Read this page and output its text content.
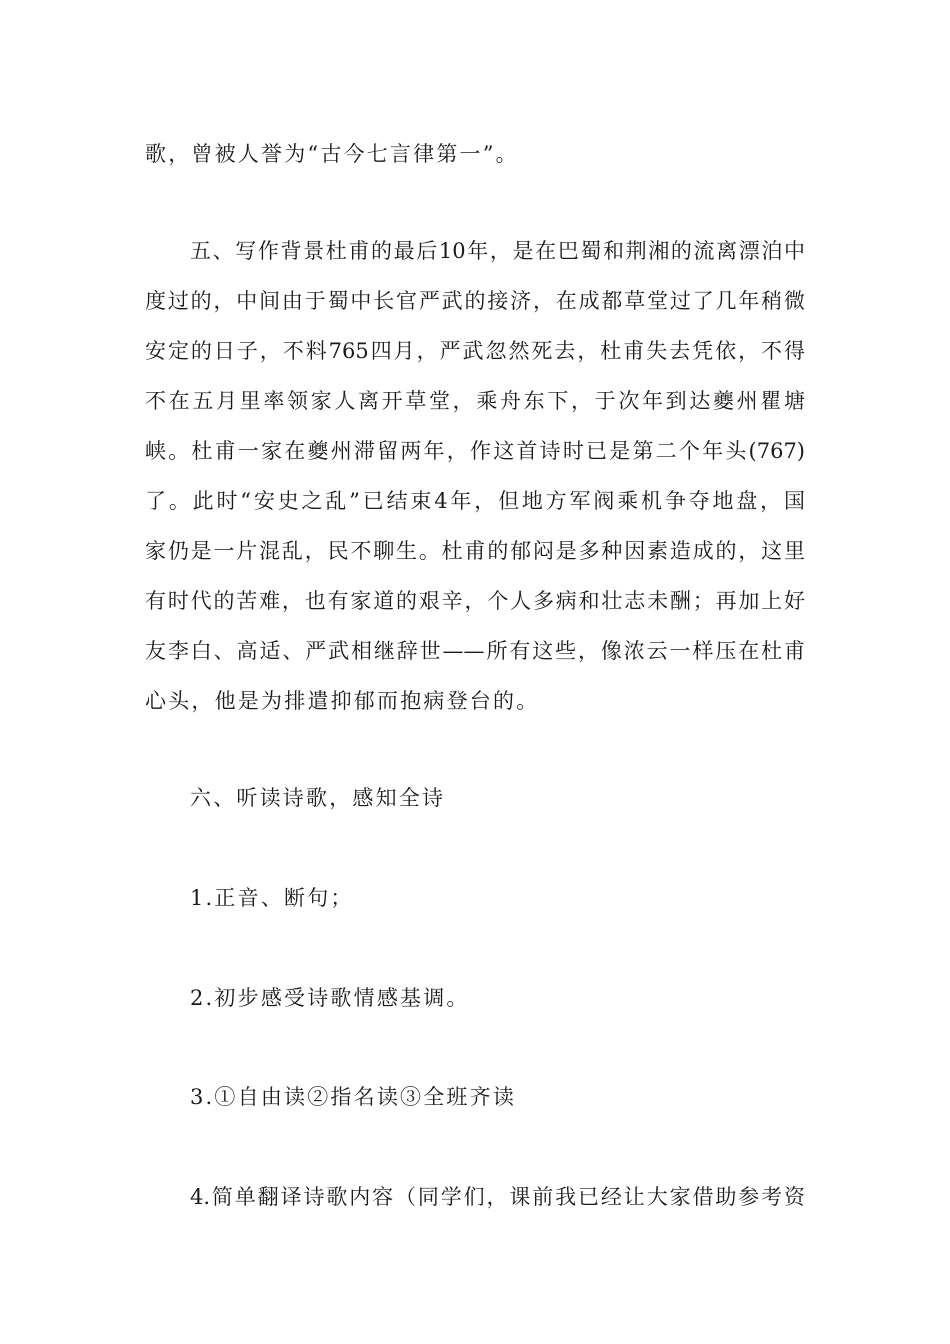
歌，曾被人誉为“古今七言律第一”。
五、写作背景杜甫的最后10年，是在巴蜀和荆湘的流离漂泊中
度过的，中间由于蜀中长官严武的接济，在成都草堂过了几年稍微
安定的日子，不料765四月，严武忽然死去，杜甫失去凭依，不得
不在五月里率领家人离开草堂，乘舟东下，于次年到达夔州瞿塘
峡。杜甫一家在夔州滞留两年，作这首诗时已是第二个年头(767)
了。此时“安史之乱”已结束4年，但地方军阀乘机争夺地盘，国
家仍是一片混乱，民不聊生。杜甫的郁闷是多种因素造成的，这里
有时代的苦难，也有家道的艰辛，个人多病和壮志未酬；再加上好
友李白、高适、严武相继辞世——所有这些，像浓云一样压在杜甫
心头，他是为排遣抑郁而抱病登台的。
六、听读诗歌，感知全诗
1.正音、断句；
2.初步感受诗歌情感基调。
3.①自由读②指名读③全班齐读
4.简单翻译诗歌内容（同学们，课前我已经让大家借助参考资
